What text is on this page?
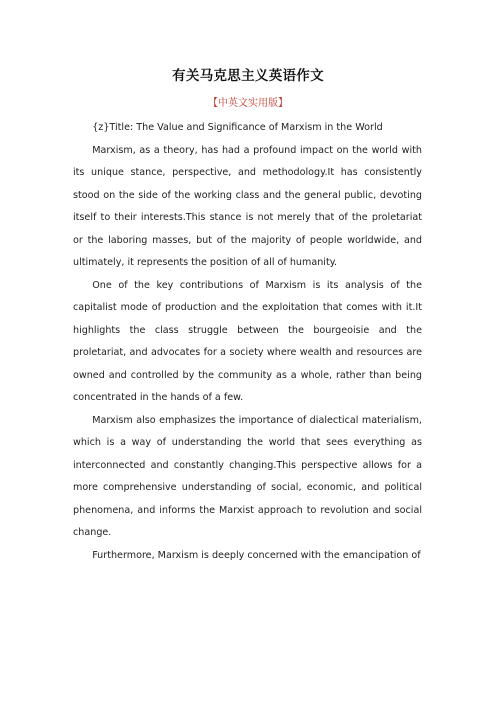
有关马克思主义英语作文
【中英文实用版】

{z}Title: The Value and Significance of Marxism in the World

Marxism, as a theory, has had a profound impact on the world with its unique stance, perspective, and methodology.It has consistently stood on the side of the working class and the general public, devoting itself to their interests.This stance is not merely that of the proletariat or the laboring masses, but of the majority of people worldwide, and ultimately, it represents the position of all of humanity.

One of the key contributions of Marxism is its analysis of the capitalist mode of production and the exploitation that comes with it.It highlights the class struggle between the bourgeoisie and the proletariat, and advocates for a society where wealth and resources are owned and controlled by the community as a whole, rather than being concentrated in the hands of a few.

Marxism also emphasizes the importance of dialectical materialism, which is a way of understanding the world that sees everything as interconnected and constantly changing.This perspective allows for a more comprehensive understanding of social, economic, and political phenomena, and informs the Marxist approach to revolution and social change.

Furthermore, Marxism is deeply concerned with the emancipation of
